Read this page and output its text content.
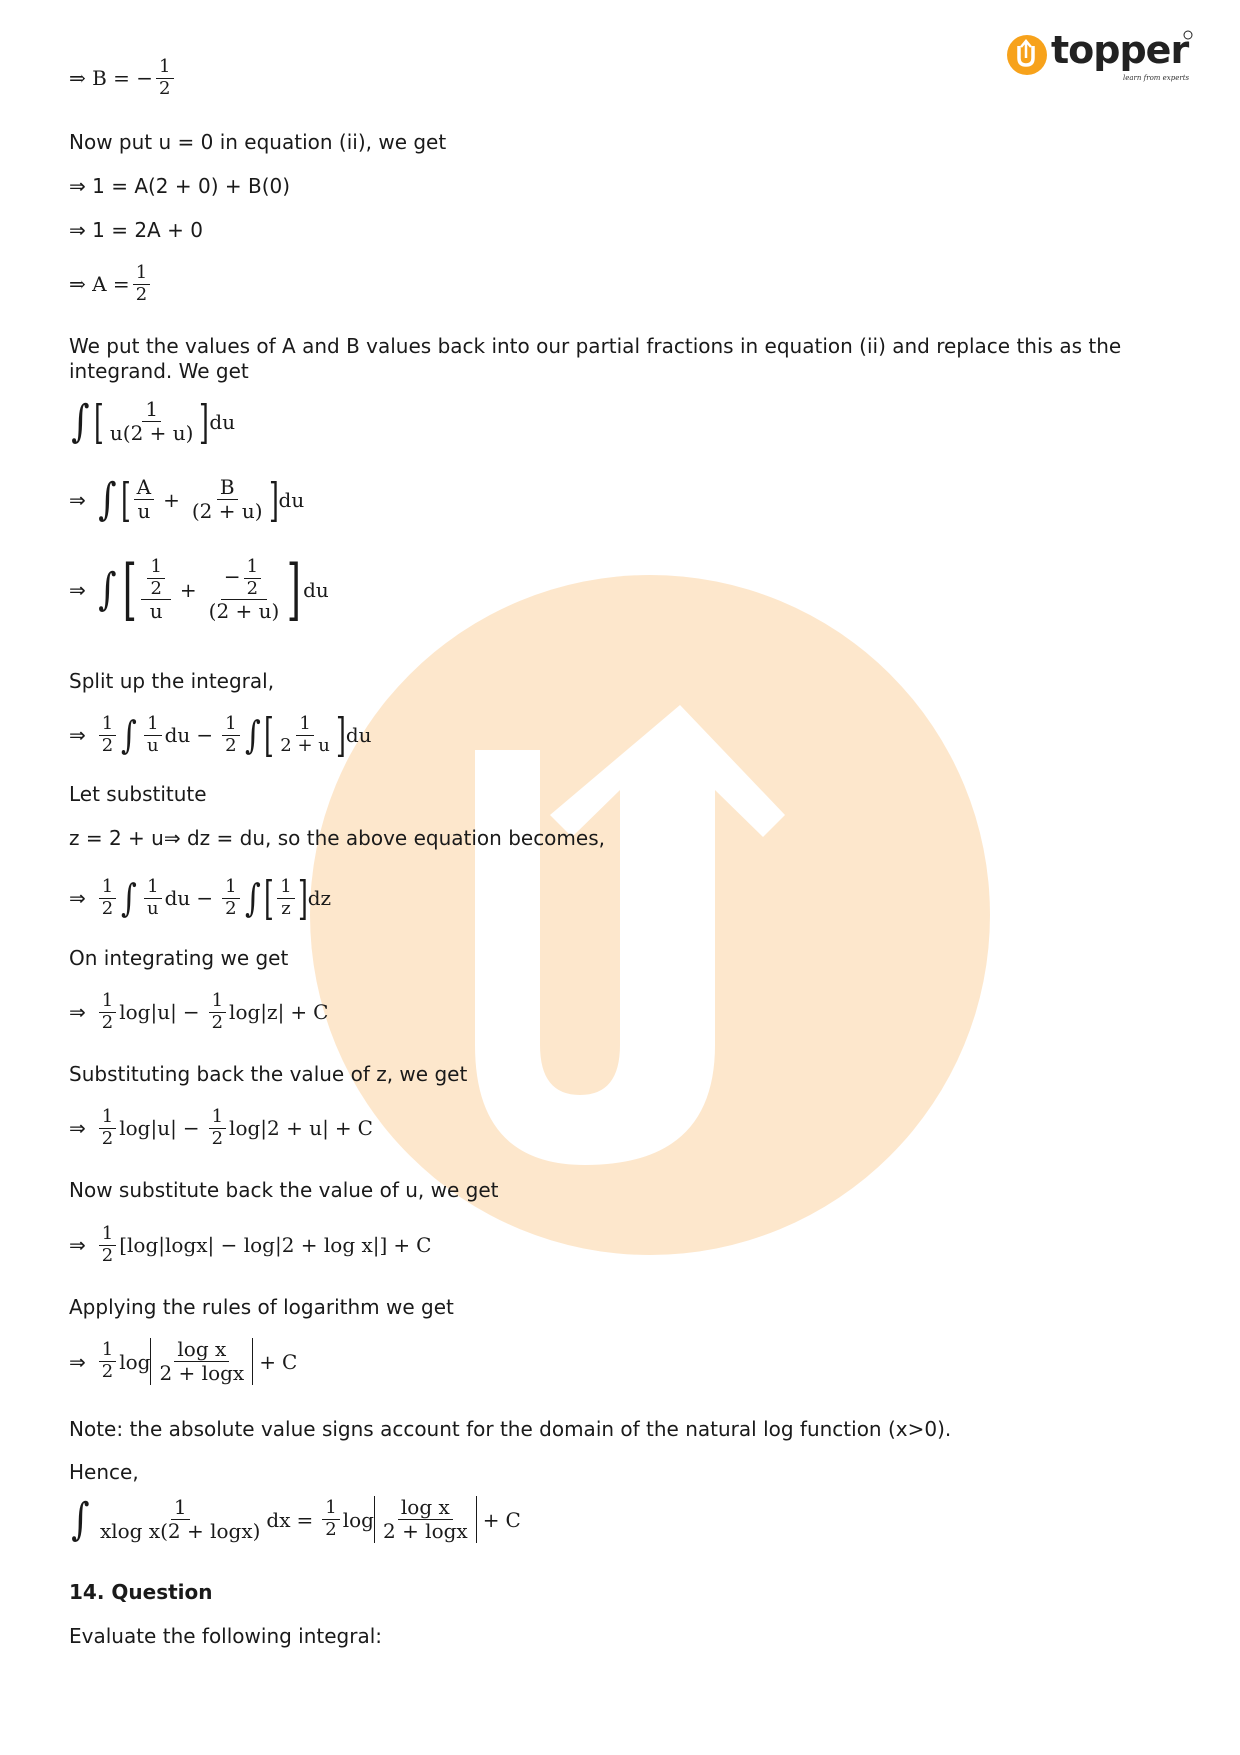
topper
learn from experts
⇒ B = − $\frac{1}{2}$
Now put u = 0 in equation (ii), we get
⇒ 1 = A(2 + 0) + B(0)
⇒ 1 = 2A + 0
⇒ $A = \frac{1}{2}$
We put the values of A and B values back into our partial fractions in equation (ii) and replace this as the integrand. We get
∫ [ $\frac{1}{u(2 + u)}$ ] du
⇒ ∫ [ $\frac{A}{u} + \frac{B}{(2 + u)}$ ] du
⇒ ∫ [ $\frac{\frac{1}{2}}{u} + \frac{- \frac{1}{2}}{(2 + u)}$ ] du
Split up the integral,
⇒ $\frac{1}{2}$ ∫ $\frac{1}{u}$ du − $\frac{1}{2}$ ∫ [ $\frac{1}{2 + u}$ ] du
Let substitute
z = 2 + u⇒ dz = du, so the above equation becomes,
⇒ $\frac{1}{2}$ ∫ $\frac{1}{u}$ du − $\frac{1}{2}$ ∫ [ $\frac{1}{z}$ ] dz
On integrating we get
⇒ $\frac{1}{2} \log|u| - \frac{1}{2} \log|z| + C$
Substituting back the value of z, we get
⇒ $\frac{1}{2} \log|u| - \frac{1}{2} \log|2 + u| + C$
Now substitute back the value of u, we get
⇒ $\frac{1}{2} [\log|\log x| - \log|2 + \log x|] + C$
Applying the rules of logarithm we get
⇒ $\frac{1}{2}$ $\log \frac{\text{log x}}{2 + \log x} + C$
Note: the absolute value signs account for the domain of the natural log function (x>0).
Hence,
∫ $\frac{1}{\text{xlog x(2 + logx)}}$ dx = $\frac{1}{2}$ $\log \frac{\text{log x}}{2 + \log x} + C$
14. Question
Evaluate the following integral:
